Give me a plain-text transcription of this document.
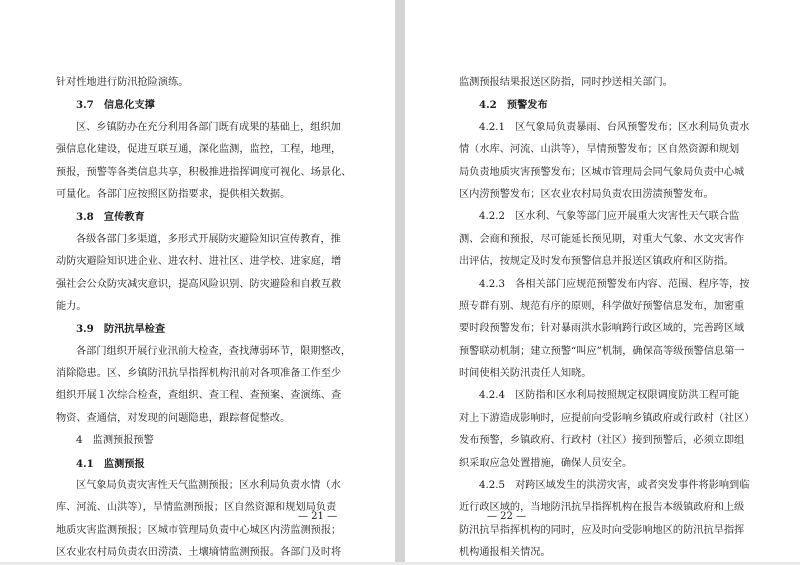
针对性地进行防汛抢险演练。
3.7　信息化支撑
区、乡镇防办在充分利用各部门既有成果的基础上，组织加
强信息化建设，促进互联互通，深化监测，监控，工程，地理，
预报，预警等各类信息共享，积极推进指挥调度可视化、场景化、
可量化。各部门应按照区防指要求，提供相关数据。
3.8　宣传教育
各级各部门多渠道，多形式开展防灾避险知识宣传教育，推
动防灾避险知识进企业、进农村、进社区、进学校、进家庭，增
强社会公众防灾减灾意识，提高风险识别、防灾避险和自救互救
能力。
3.9　防汛抗旱检查
各部门组织开展行业汛前大检查，查找薄弱环节，限期整改，
消除隐患。区、乡镇防汛抗旱指挥机构汛前对各项准备工作至少
组织开展１次综合检查，查组织、查工程、查预案、查演练、查
物资、查通信，对发现的问题隐患，跟踪督促整改。
4　监测预报预警
4.1　监测预报
区气象局负责灾害性天气监测预报；区水利局负责水情（水
库、河流、山洪等），旱情监测预报；区自然资源和规划局负责
地质灾害监测预报；区城市管理局负责中心城区内涝监测预报；
区农业农村局负责农田涝渍、土壤墒情监测预报。各部门及时将
— 21 —
监测预报结果报送区防指，同时抄送相关部门。
4.2　预警发布
4.2.1　区气象局负责暴雨、台风预警发布；区水利局负责水
情（水库、河流、山洪等），旱情预警发布；区自然资源和规划
局负责地质灾害预警发布；区城市管理局会同气象局负责中心城
区内涝预警发布；区农业农村局负责农田涝渍预警发布。
4.2.2　区水利、气象等部门应开展重大灾害性天气联合监
测、会商和预报，尽可能延长预见期，对重大气象、水文灾害作
出评估，按规定及时发布预警信息并报送区镇政府和区防指。
4.2.3　各相关部门应规范预警发布内容、范围、程序等，按
照专群有别、规范有序的原则，科学做好预警信息发布，加密重
要时段预警发布；针对暴雨洪水影响跨行政区域的，完善跨区域
预警联动机制；建立预警“叫应”机制，确保高等级预警信息第一
时间使相关防汛责任人知晓。
4.2.4　区防指和区水利局按照规定权限调度防洪工程可能
对上下游造成影响时，应提前向受影响乡镇政府或行政村（社区）
发布预警，乡镇政府、行政村（社区）接到预警后，必须立即组
织采取应急处置措施，确保人员安全。
4.2.5　对跨区域发生的洪涝灾害，或者突发事件将影响到临
近行政区域的，当地防汛抗旱指挥机构在报告本级镇政府和上级
防汛抗旱指挥机构的同时，应及时向受影响地区的防汛抗旱指挥
机构通报相关情况。
— 22 —
